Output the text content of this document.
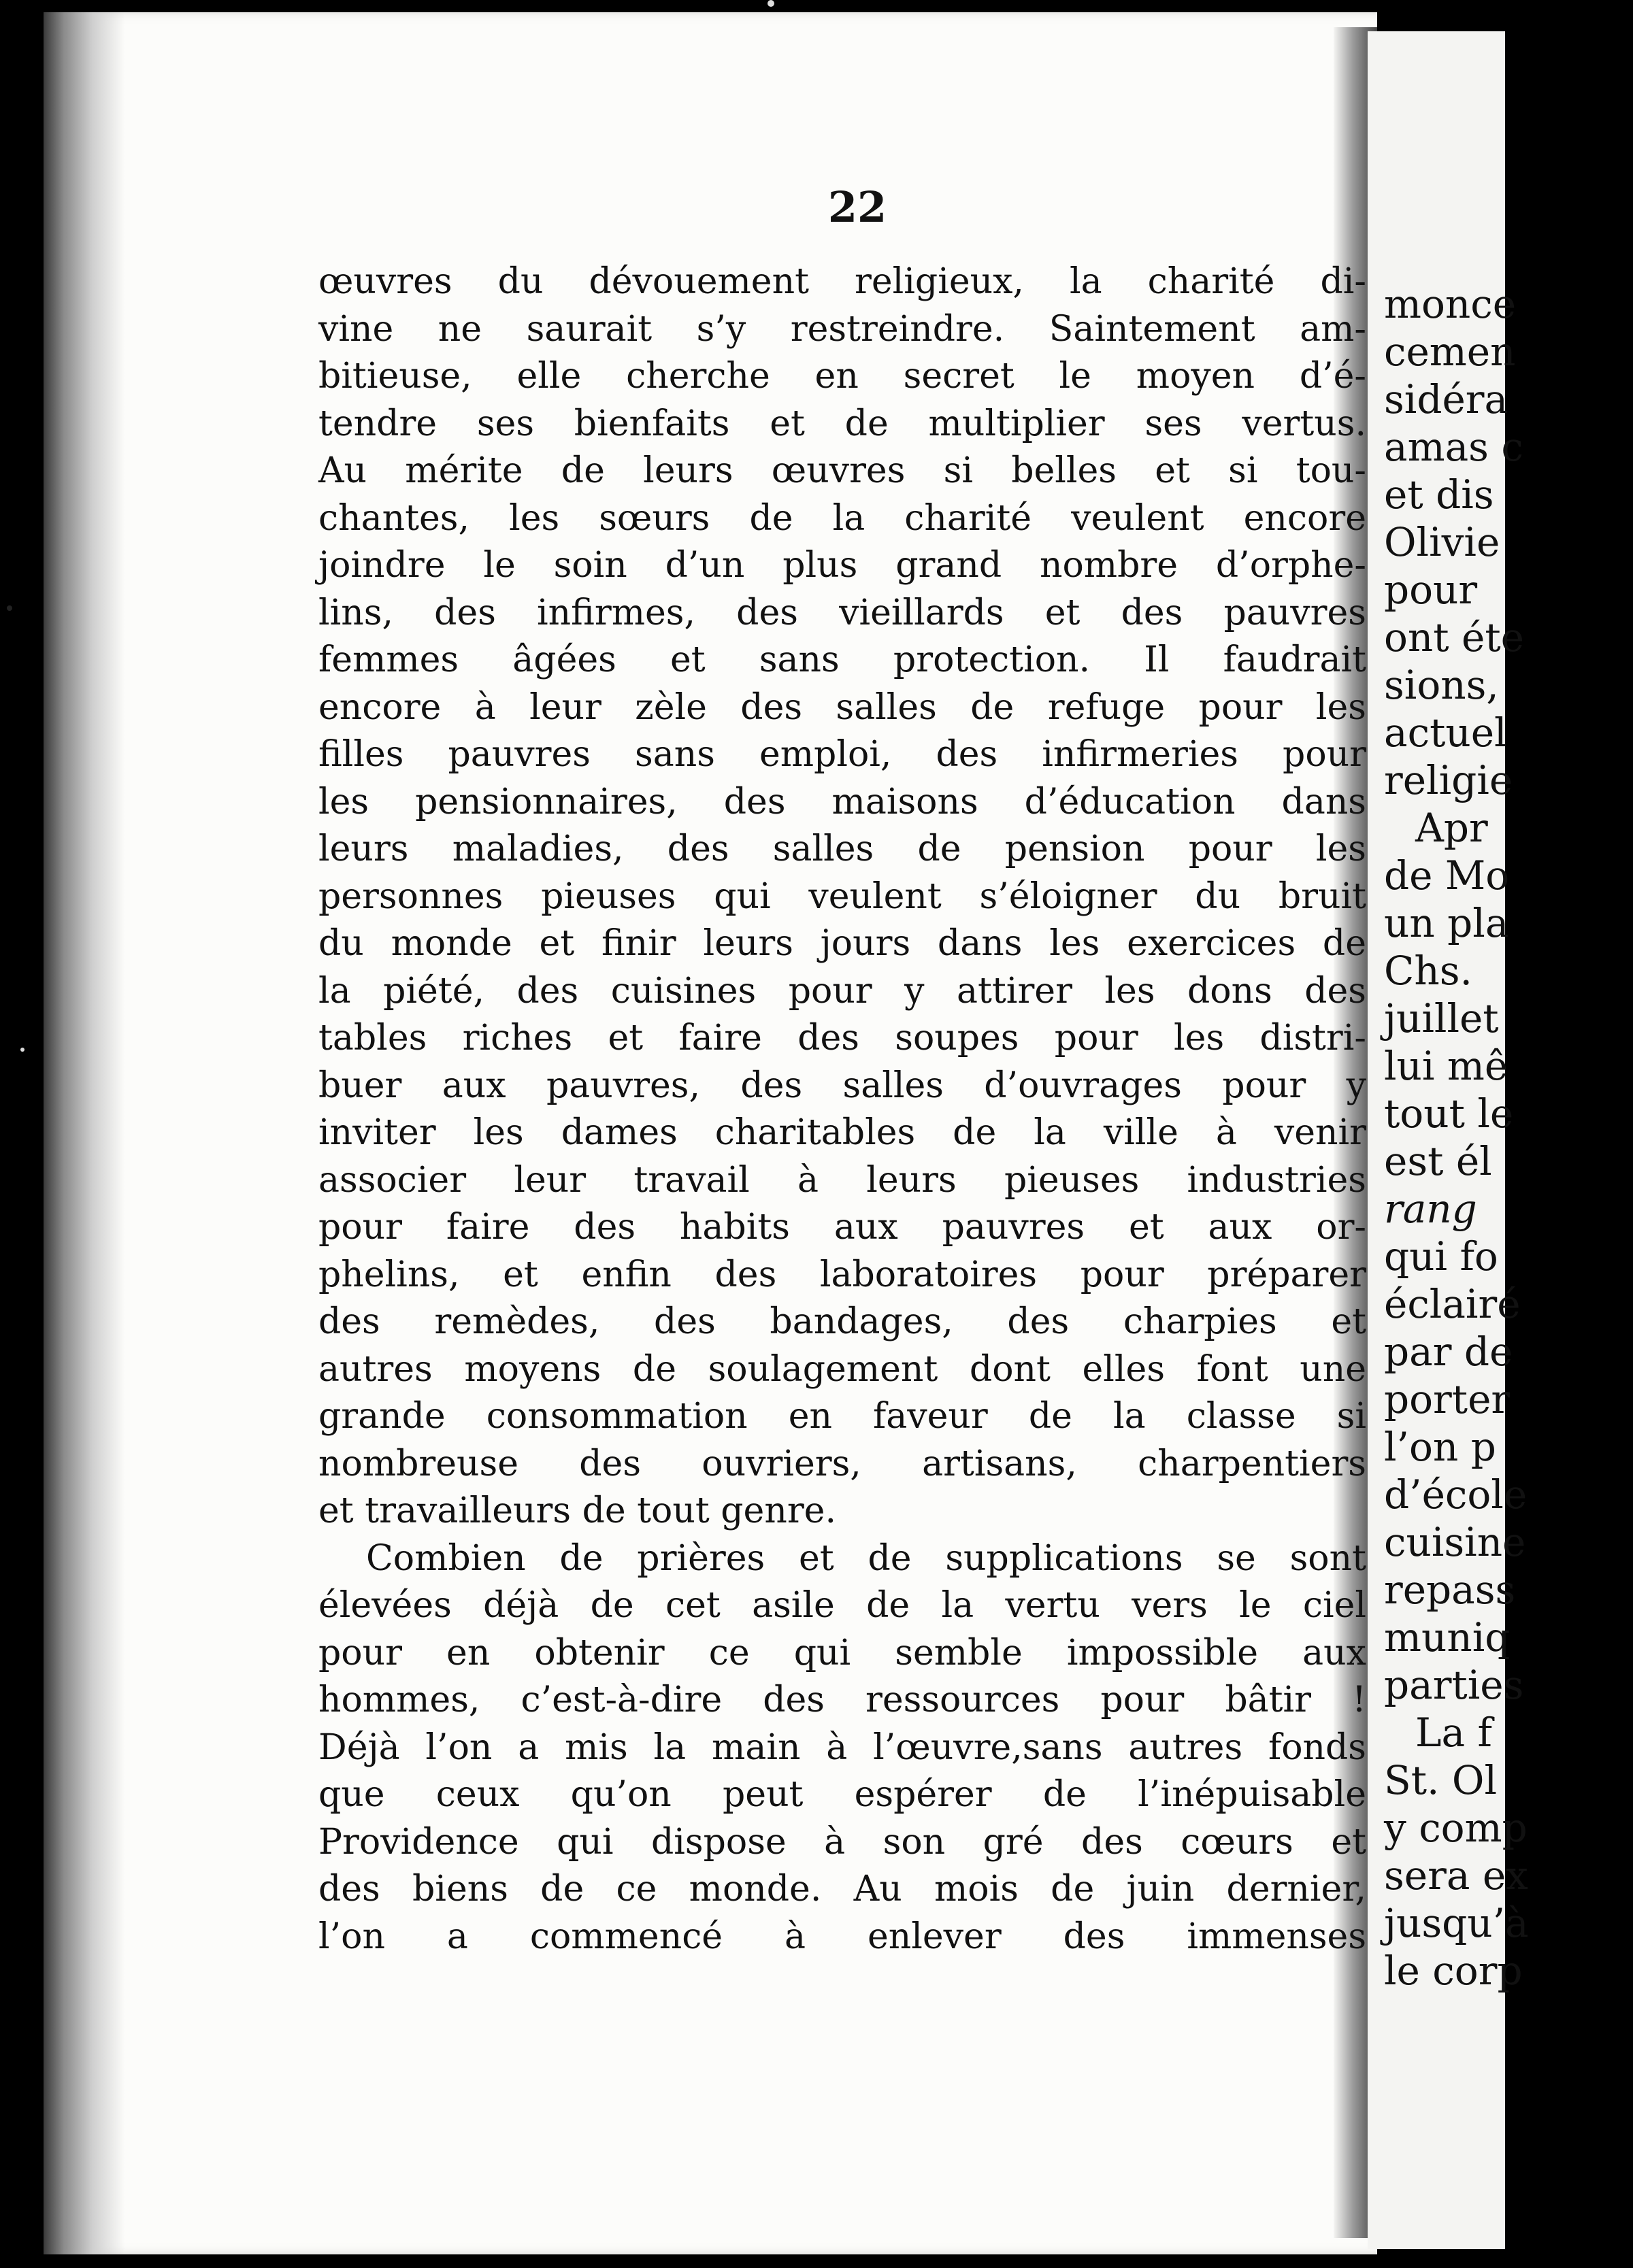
monce
cemen
sidéra
amas c
et dis
Olivie
pour
ont éte
sions,
actuel
religie
Apr
de Mo
un pla
Chs.
juillet
lui mê
tout le
est él
rang
qui fo
éclairé
par de
porter
l’on p
d’école
cuisine
repass
muniq
parties
La f
St. Ol
y comp
sera ex
jusqu’à
le corp
22
œuvres du dévouement religieux, la charité di-
vine ne saurait s’y restreindre. Saintement am-
bitieuse, elle cherche en secret le moyen d’é-
tendre ses bienfaits et de multiplier ses vertus.
Au mérite de leurs œuvres si belles et si tou-
chantes, les sœurs de la charité veulent encore
joindre le soin d’un plus grand nombre d’orphe-
lins, des infirmes, des vieillards et des pauvres
femmes âgées et sans protection. Il faudrait
encore à leur zèle des salles de refuge pour les
filles pauvres sans emploi, des infirmeries pour
les pensionnaires, des maisons d’éducation dans
leurs maladies, des salles de pension pour les
personnes pieuses qui veulent s’éloigner du bruit
du monde et finir leurs jours dans les exercices de
la piété, des cuisines pour y attirer les dons des
tables riches et faire des soupes pour les distri-
buer aux pauvres, des salles d’ouvrages pour y
inviter les dames charitables de la ville à venir
associer leur travail à leurs pieuses industries
pour faire des habits aux pauvres et aux or-
phelins, et enfin des laboratoires pour préparer
des remèdes, des bandages, des charpies et
autres moyens de soulagement dont elles font une
grande consommation en faveur de la classe si
nombreuse des ouvriers, artisans, charpentiers
et travailleurs de tout genre.
Combien de prières et de supplications se sont
élevées déjà de cet asile de la vertu vers le ciel
pour en obtenir ce qui semble impossible aux
hommes, c’est-à-dire des ressources pour bâtir !
Déjà l’on a mis la main à l’œuvre,sans autres fonds
que ceux qu’on peut espérer de l’inépuisable
Providence qui dispose à son gré des cœurs et
des biens de ce monde. Au mois de juin dernier,
l’on a commencé à enlever des immenses
